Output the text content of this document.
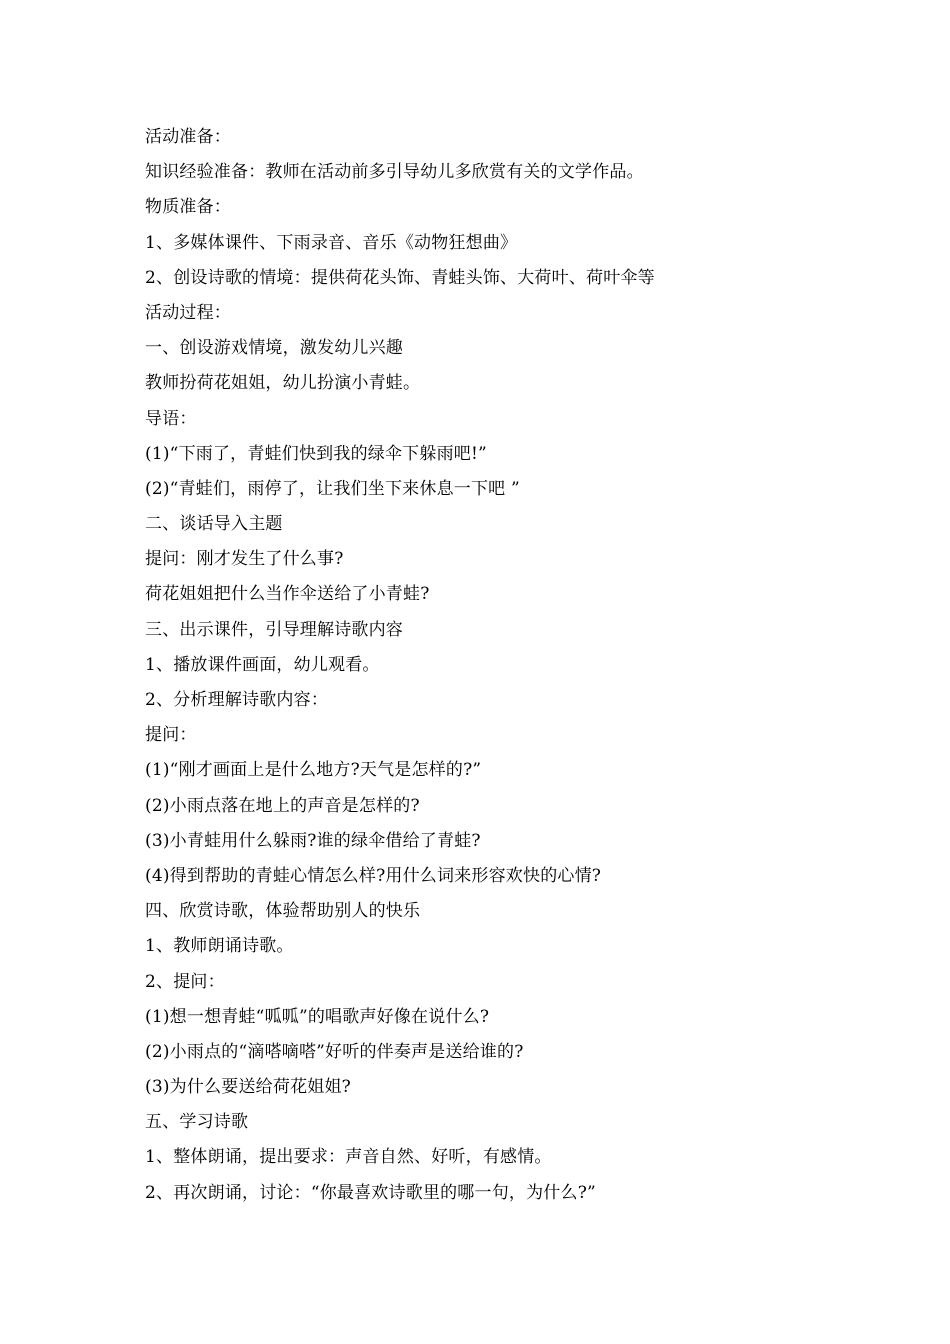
活动准备：
知识经验准备：教师在活动前多引导幼儿多欣赏有关的文学作品。
物质准备：
1、多媒体课件、下雨录音、音乐《动物狂想曲》
2、创设诗歌的情境：提供荷花头饰、青蛙头饰、大荷叶、荷叶伞等
活动过程：
一、创设游戏情境，激发幼儿兴趣
教师扮荷花姐姐，幼儿扮演小青蛙。
导语：
(1)“下雨了，青蛙们快到我的绿伞下躲雨吧!”
(2)“青蛙们，雨停了，让我们坐下来休息一下吧 ”
二、谈话导入主题
提问：刚才发生了什么事?
荷花姐姐把什么当作伞送给了小青蛙?
三、出示课件，引导理解诗歌内容
1、播放课件画面，幼儿观看。
2、分析理解诗歌内容：
提问：
(1)“刚才画面上是什么地方?天气是怎样的?”
(2)小雨点落在地上的声音是怎样的?
(3)小青蛙用什么躲雨?谁的绿伞借给了青蛙?
(4)得到帮助的青蛙心情怎么样?用什么词来形容欢快的心情?
四、欣赏诗歌，体验帮助别人的快乐
1、教师朗诵诗歌。
2、提问：
(1)想一想青蛙“呱呱”的唱歌声好像在说什么?
(2)小雨点的“滴嗒嘀嗒”好听的伴奏声是送给谁的?
(3)为什么要送给荷花姐姐?
五、学习诗歌
1、整体朗诵，提出要求：声音自然、好听，有感情。
2、再次朗诵，讨论：“你最喜欢诗歌里的哪一句，为什么?”
